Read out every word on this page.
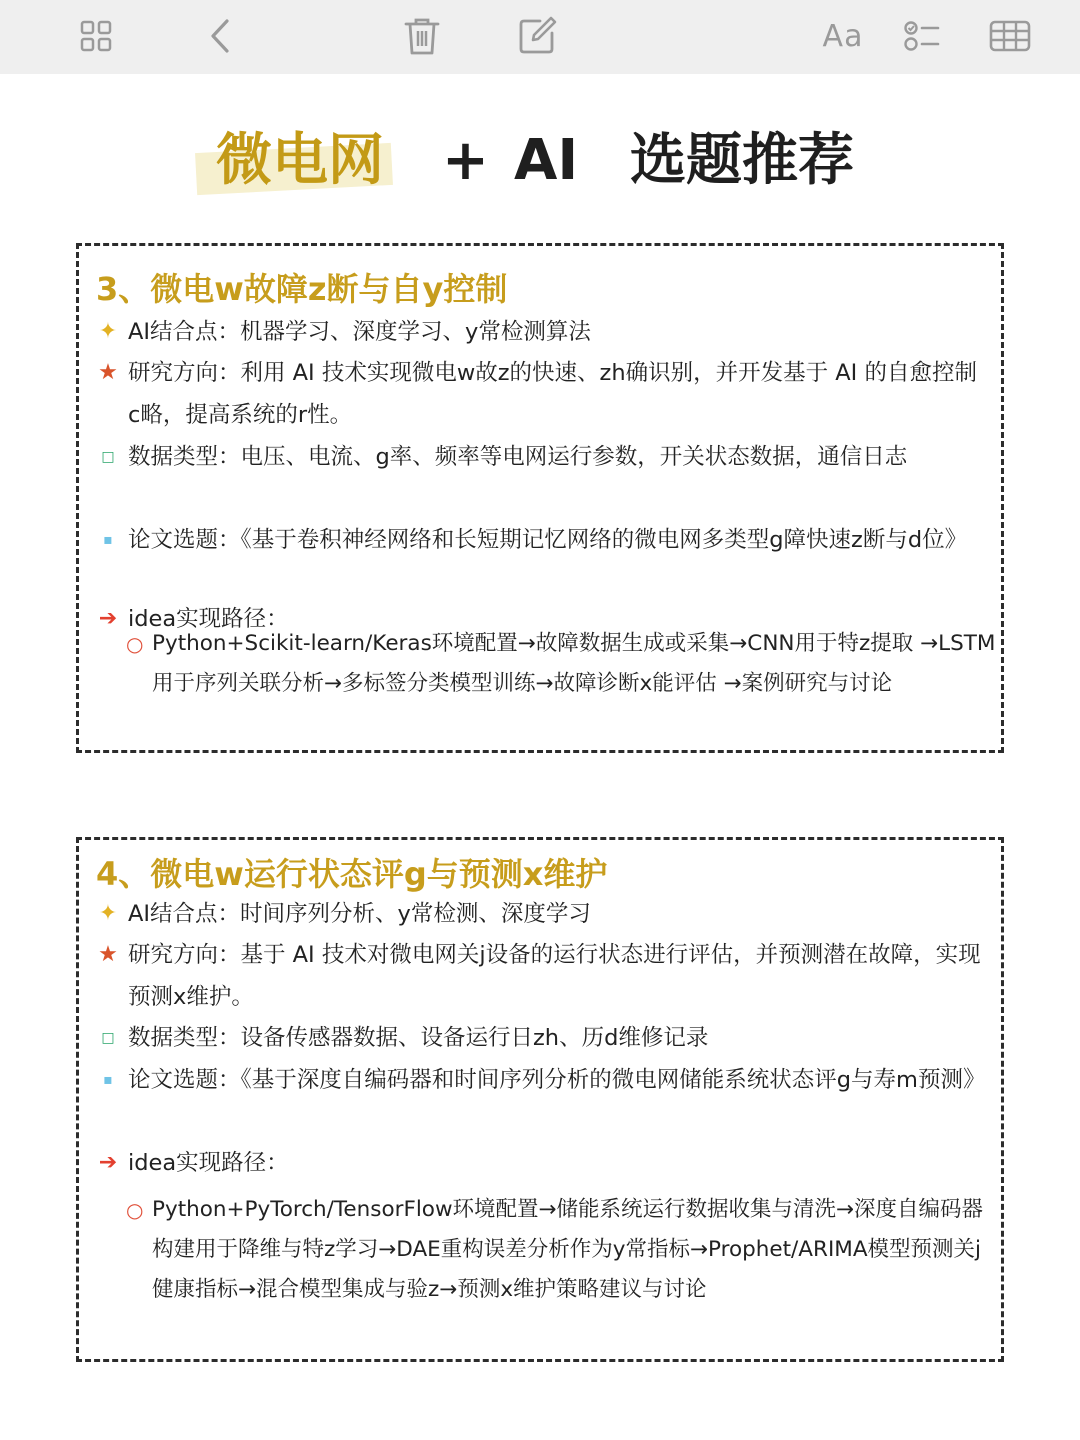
Aa
微电网 + AI 选题推荐
3、微电w故障z断与自y控制
✦ AI结合点：机器学习、深度学习、y常检测算法
★ 研究方向：利用 AI 技术实现微电w故z的快速、zh确识别，并开发基于 AI 的自愈控制c略，提高系统的r性。
□ 数据类型：电压、电流、g率、频率等电网运行参数，开关状态数据，通信日志
▪ 论文选题：《基于卷积神经网络和长短期记忆网络的微电网多类型g障快速z断与d位》
➔ idea实现路径：
○ Python+Scikit-learn/Keras环境配置→故障数据生成或采集→CNN用于特z提取 →LSTM用于序列关联分析→多标签分类模型训练→故障诊断x能评估 →案例研究与讨论
4、微电w运行状态评g与预测x维护
✦ AI结合点：时间序列分析、y常检测、深度学习
★ 研究方向：基于 AI 技术对微电网关j设备的运行状态进行评估，并预测潜在故障，实现预测x维护。
□ 数据类型：设备传感器数据、设备运行日zh、历d维修记录
▪ 论文选题：《基于深度自编码器和时间序列分析的微电网储能系统状态评g与寿m预测》
➔ idea实现路径：
○ Python+PyTorch/TensorFlow环境配置→储能系统运行数据收集与清洗→深度自编码器构建用于降维与特z学习→DAE重构误差分析作为y常指标→Prophet/ARIMA模型预测关j健康指标→混合模型集成与验z→预测x维护策略建议与讨论
